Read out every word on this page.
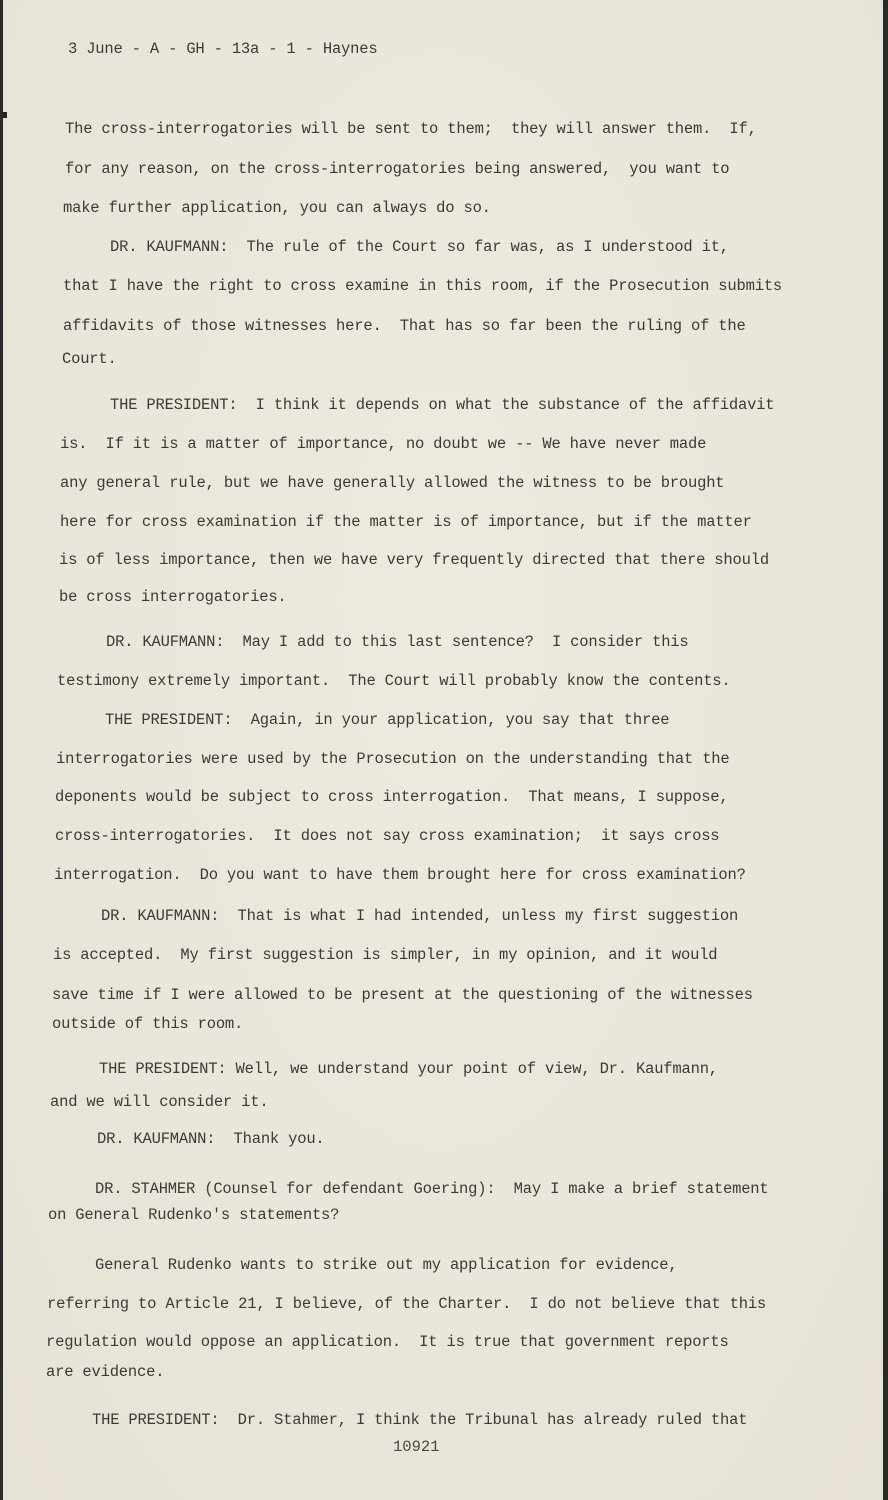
3 June - A - GH - 13a - 1 - Haynes
The cross-interrogatories will be sent to them;  they will answer them.  If,
for any reason, on the cross-interrogatories being answered,  you want to
make further application, you can always do so.
DR. KAUFMANN:  The rule of the Court so far was, as I understood it,
that I have the right to cross examine in this room, if the Prosecution submits
affidavits of those witnesses here.  That has so far been the ruling of the
Court.
THE PRESIDENT:  I think it depends on what the substance of the affidavit
is.  If it is a matter of importance, no doubt we -- We have never made
any general rule, but we have generally allowed the witness to be brought
here for cross examination if the matter is of importance, but if the matter
is of less importance, then we have very frequently directed that there should
be cross interrogatories.
DR. KAUFMANN:  May I add to this last sentence?  I consider this
testimony extremely important.  The Court will probably know the contents.
THE PRESIDENT:  Again, in your application, you say that three
interrogatories were used by the Prosecution on the understanding that the
deponents would be subject to cross interrogation.  That means, I suppose,
cross-interrogatories.  It does not say cross examination;  it says cross
interrogation.  Do you want to have them brought here for cross examination?
DR. KAUFMANN:  That is what I had intended, unless my first suggestion
is accepted.  My first suggestion is simpler, in my opinion, and it would
save time if I were allowed to be present at the questioning of the witnesses
outside of this room.
THE PRESIDENT: Well, we understand your point of view, Dr. Kaufmann,
and we will consider it.
DR. KAUFMANN:  Thank you.
DR. STAHMER (Counsel for defendant Goering):  May I make a brief statement
on General Rudenko's statements?
General Rudenko wants to strike out my application for evidence,
referring to Article 21, I believe, of the Charter.  I do not believe that this
regulation would oppose an application.  It is true that government reports
are evidence.
THE PRESIDENT:  Dr. Stahmer, I think the Tribunal has already ruled that
10921
